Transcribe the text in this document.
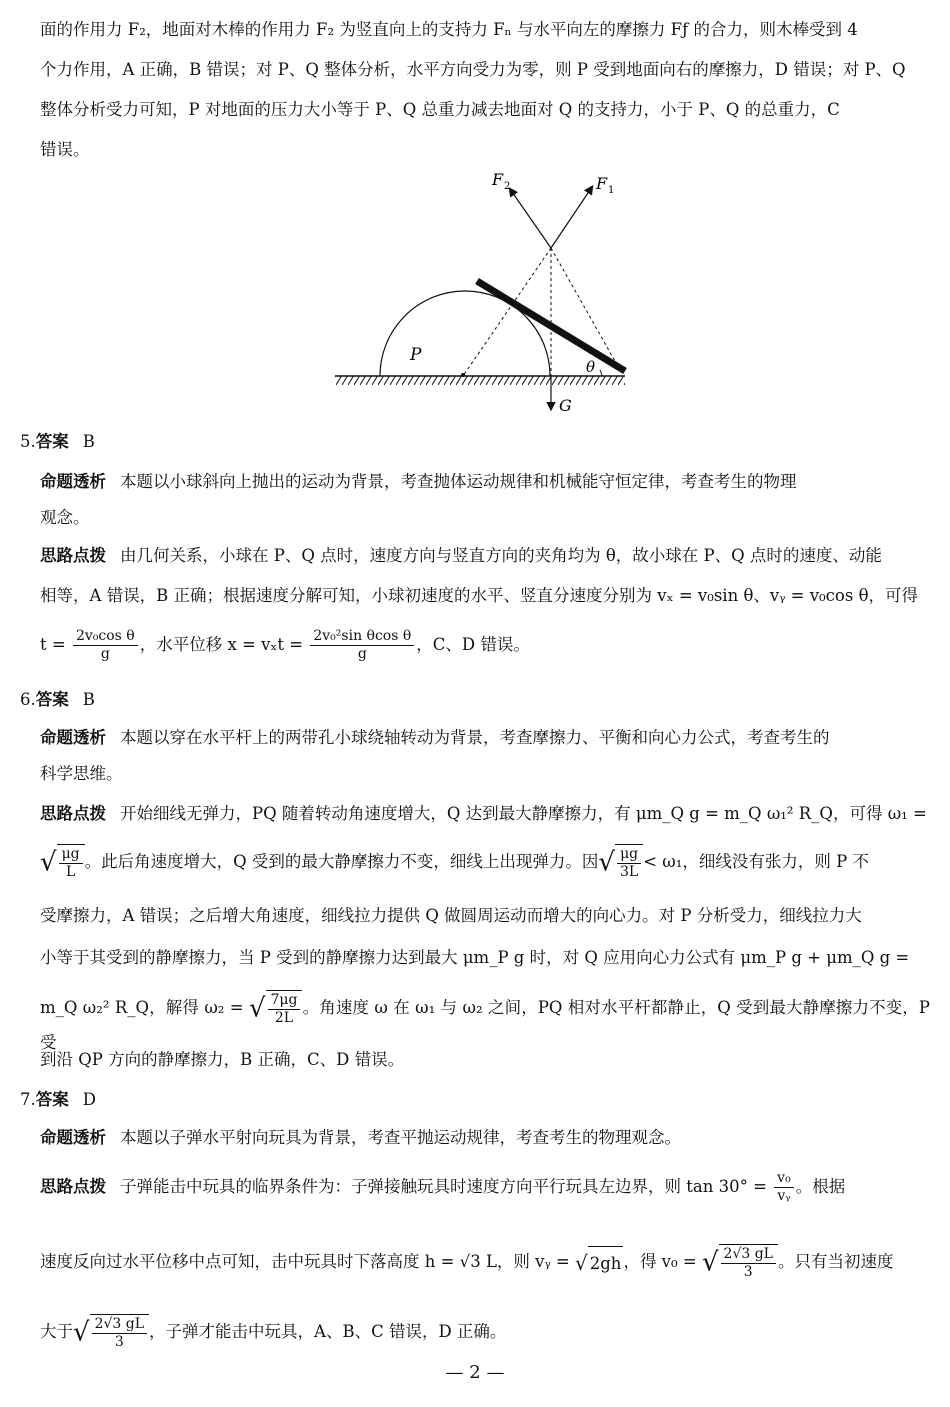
面的作用力 F₂，地面对木棒的作用力 F₂ 为竖直向上的支持力 Fₙ 与水平向左的摩擦力 Fƒ 的合力，则木棒受到 4
个力作用，A 正确，B 错误；对 P、Q 整体分析，水平方向受力为零，则 P 受到地面向右的摩擦力，D 错误；对 P、Q
整体分析受力可知，P 对地面的压力大小等于 P、Q 总重力减去地面对 Q 的支持力，小于 P、Q 的总重力，C
错误。
F 2	F 1
P
θ
G
5.答案 B
命题透析 本题以小球斜向上抛出的运动为背景，考查抛体运动规律和机械能守恒定律，考查考生的物理
观念。
思路点拨 由几何关系，小球在 P、Q 点时，速度方向与竖直方向的夹角均为 θ，故小球在 P、Q 点时的速度、动能
相等，A 错误，B 正确；根据速度分解可知，小球初速度的水平、竖直分速度分别为 vₓ = v₀sin θ、vᵧ = v₀cos θ，可得
$t = \frac{\text{2v₀cos θ}}{g}$ ，水平位移 $x = v_xt = \frac{\text{2v₀²sin θcos θ}}{g}$ ，C、D 错误。
6.答案 B
命题透析 本题以穿在水平杆上的两带孔小球绕轴转动为背景，考查摩擦力、平衡和向心力公式，考查考生的
科学思维。
思路点拨 开始细线无弹力，PQ 随着转动角速度增大，Q 达到最大静摩擦力，有 μm_Q g = m_Q ω₁² R_Q，可得 ω₁ =
√ $\frac{\mu g}{L}$ 。此后角速度增大，Q 受到的最大静摩擦力不变，细线上出现弹力。因√ $\frac{\mu g}{3L} < \omega_1$，细线没有张力，则 P 不
受摩擦力，A 错误；之后增大角速度，细线拉力提供 Q 做圆周运动而增大的向心力。对 P 分析受力，细线拉力大
小等于其受到的静摩擦力，当 P 受到的静摩擦力达到最大 μm_P g 时，对 Q 应用向心力公式有 μm_P g + μm_Q g =
m_Q ω₂² R_Q，解得 ω₂ = √ $\frac{7\mu g}{2L}$ 。角速度 ω 在 ω₁ 与 ω₂ 之间，PQ 相对水平杆都静止，Q 受到最大静摩擦力不变，P 受
到沿 QP 方向的静摩擦力，B 正确，C、D 错误。
7.答案 D
命题透析 本题以子弹水平射向玩具为背景，考查平抛运动规律，考查考生的物理观念。
思路点拨 子弹能击中玩具的临界条件为：子弹接触玩具时速度方向平行玩具左边界，则 $\tan 30^\circ = \frac{\text{v₀}}{\text{vᵧ}}$ 。根据
速度反向过水平位移中点可知，击中玩具时下落高度 h = √3 L，则 vᵧ = √ 2gh ，得 v₀ = √ $\frac{2√3 gL}{3}$ 。只有当初速度
大于√ $\frac{2√3 gL}{3}$ ，子弹才能击中玩具，A、B、C 错误，D 正确。
— 2 —
